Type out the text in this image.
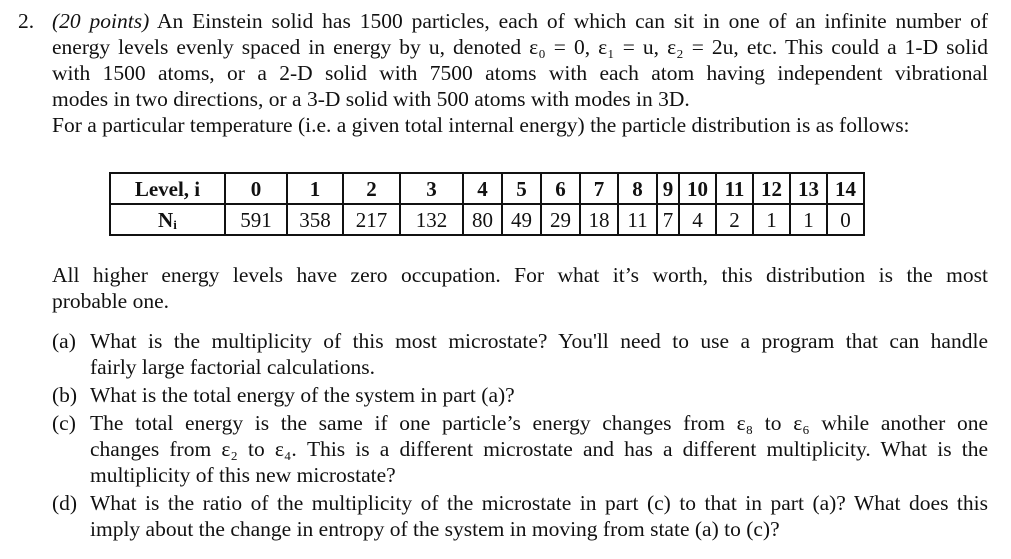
2. (20 points) An Einstein solid has 1500 particles, each of which can sit in one of an infinite number of
energy levels evenly spaced in energy by u, denoted ε₀ = 0, ε₁ = u, ε₂ = 2u, etc. This could a 1-D solid
with 1500 atoms, or a 2-D solid with 7500 atoms with each atom having independent vibrational
modes in two directions, or a 3-D solid with 500 atoms with modes in 3D.
For a particular temperature (i.e. a given total internal energy) the particle distribution is as follows:
Level, i	0	1	2	3	4	5	6	7	8	9	10	11	12	13	14
Nᵢ	591	358	217	132	80	49	29	18	11	7	4	2	1	1	0
All higher energy levels have zero occupation. For what it’s worth, this distribution is the most
probable one.
(a) What is the multiplicity of this most microstate? You'll need to use a program that can handle
fairly large factorial calculations.
(b) What is the total energy of the system in part (a)?
(c) The total energy is the same if one particle’s energy changes from ε₈ to ε₆ while another one
changes from ε₂ to ε₄. This is a different microstate and has a different multiplicity. What is the
multiplicity of this new microstate?
(d) What is the ratio of the multiplicity of the microstate in part (c) to that in part (a)? What does this
imply about the change in entropy of the system in moving from state (a) to (c)?
